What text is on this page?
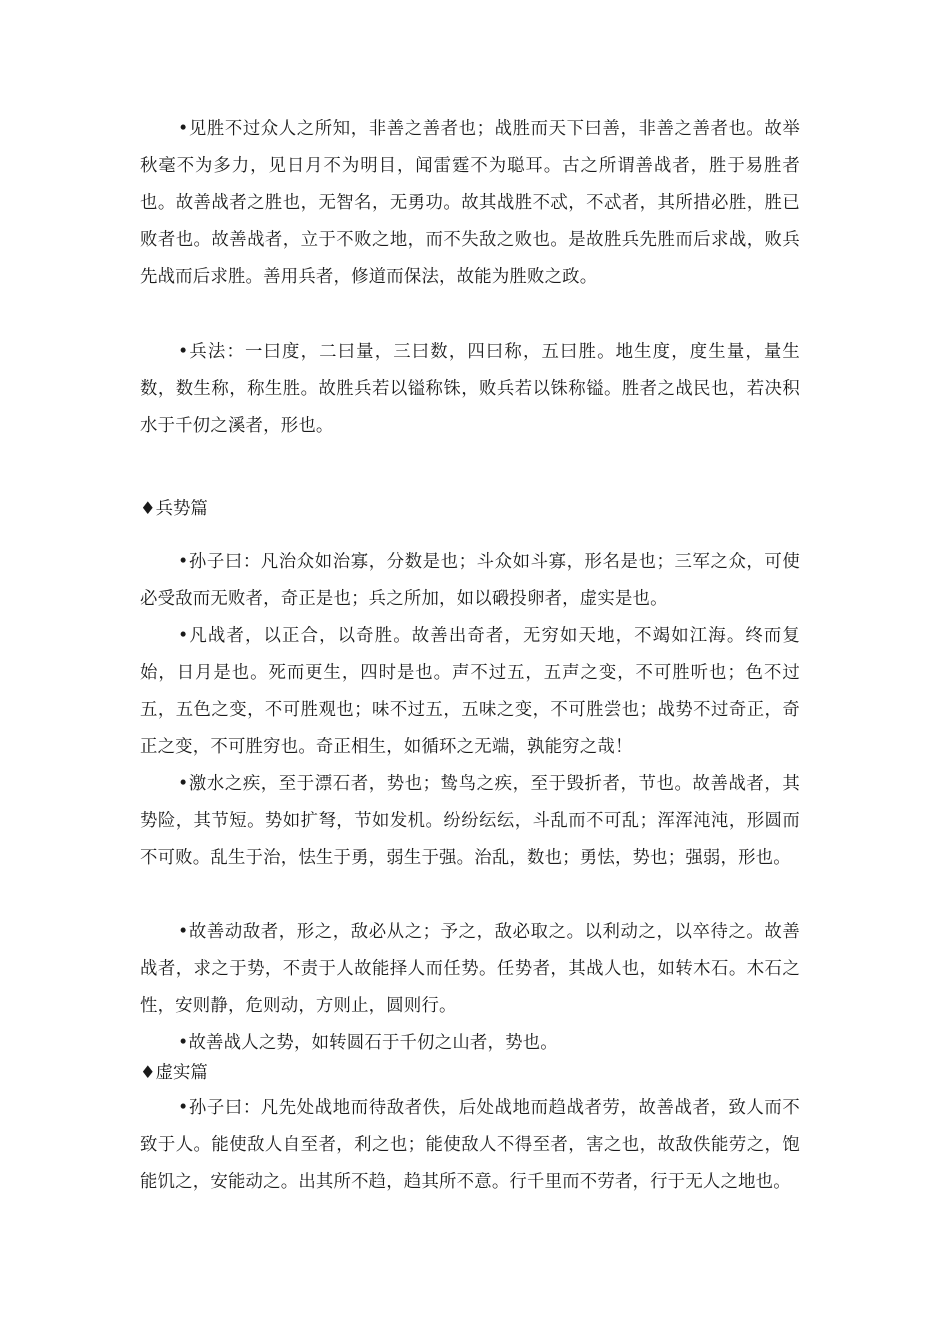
•见胜不过众人之所知，非善之善者也；战胜而天下曰善，非善之善者也。故举秋毫不为多力，见日月不为明目，闻雷霆不为聪耳。古之所谓善战者，胜于易胜者也。故善战者之胜也，无智名，无勇功。故其战胜不忒，不忒者，其所措必胜，胜已败者也。故善战者，立于不败之地，而不失敌之败也。是故胜兵先胜而后求战，败兵先战而后求胜。善用兵者，修道而保法，故能为胜败之政。

•兵法：一曰度，二曰量，三曰数，四曰称，五曰胜。地生度，度生量，量生数，数生称，称生胜。故胜兵若以镒称铢，败兵若以铢称镒。胜者之战民也，若决积水于千仞之溪者，形也。

♦兵势篇

•孙子曰：凡治众如治寡，分数是也；斗众如斗寡，形名是也；三军之众，可使必受敌而无败者，奇正是也；兵之所加，如以碫投卵者，虚实是也。

•凡战者，以正合，以奇胜。故善出奇者，无穷如天地，不竭如江海。终而复始，日月是也。死而更生，四时是也。声不过五，五声之变，不可胜听也；色不过五，五色之变，不可胜观也；味不过五，五味之变，不可胜尝也；战势不过奇正，奇正之变，不可胜穷也。奇正相生，如循环之无端，孰能穷之哉！

•激水之疾，至于漂石者，势也；鸷鸟之疾，至于毁折者，节也。故善战者，其势险，其节短。势如扩弩，节如发机。纷纷纭纭，斗乱而不可乱；浑浑沌沌，形圆而不可败。乱生于治，怯生于勇，弱生于强。治乱，数也；勇怯，势也；强弱，形也。

•故善动敌者，形之，敌必从之；予之，敌必取之。以利动之，以卒待之。故善战者，求之于势，不责于人故能择人而任势。任势者，其战人也，如转木石。木石之性，安则静，危则动，方则止，圆则行。

•故善战人之势，如转圆石于千仞之山者，势也。

♦虚实篇

•孙子曰：凡先处战地而待敌者佚，后处战地而趋战者劳，故善战者，致人而不致于人。能使敌人自至者，利之也；能使敌人不得至者，害之也，故敌佚能劳之，饱能饥之，安能动之。出其所不趋，趋其所不意。行千里而不劳者，行于无人之地也。
